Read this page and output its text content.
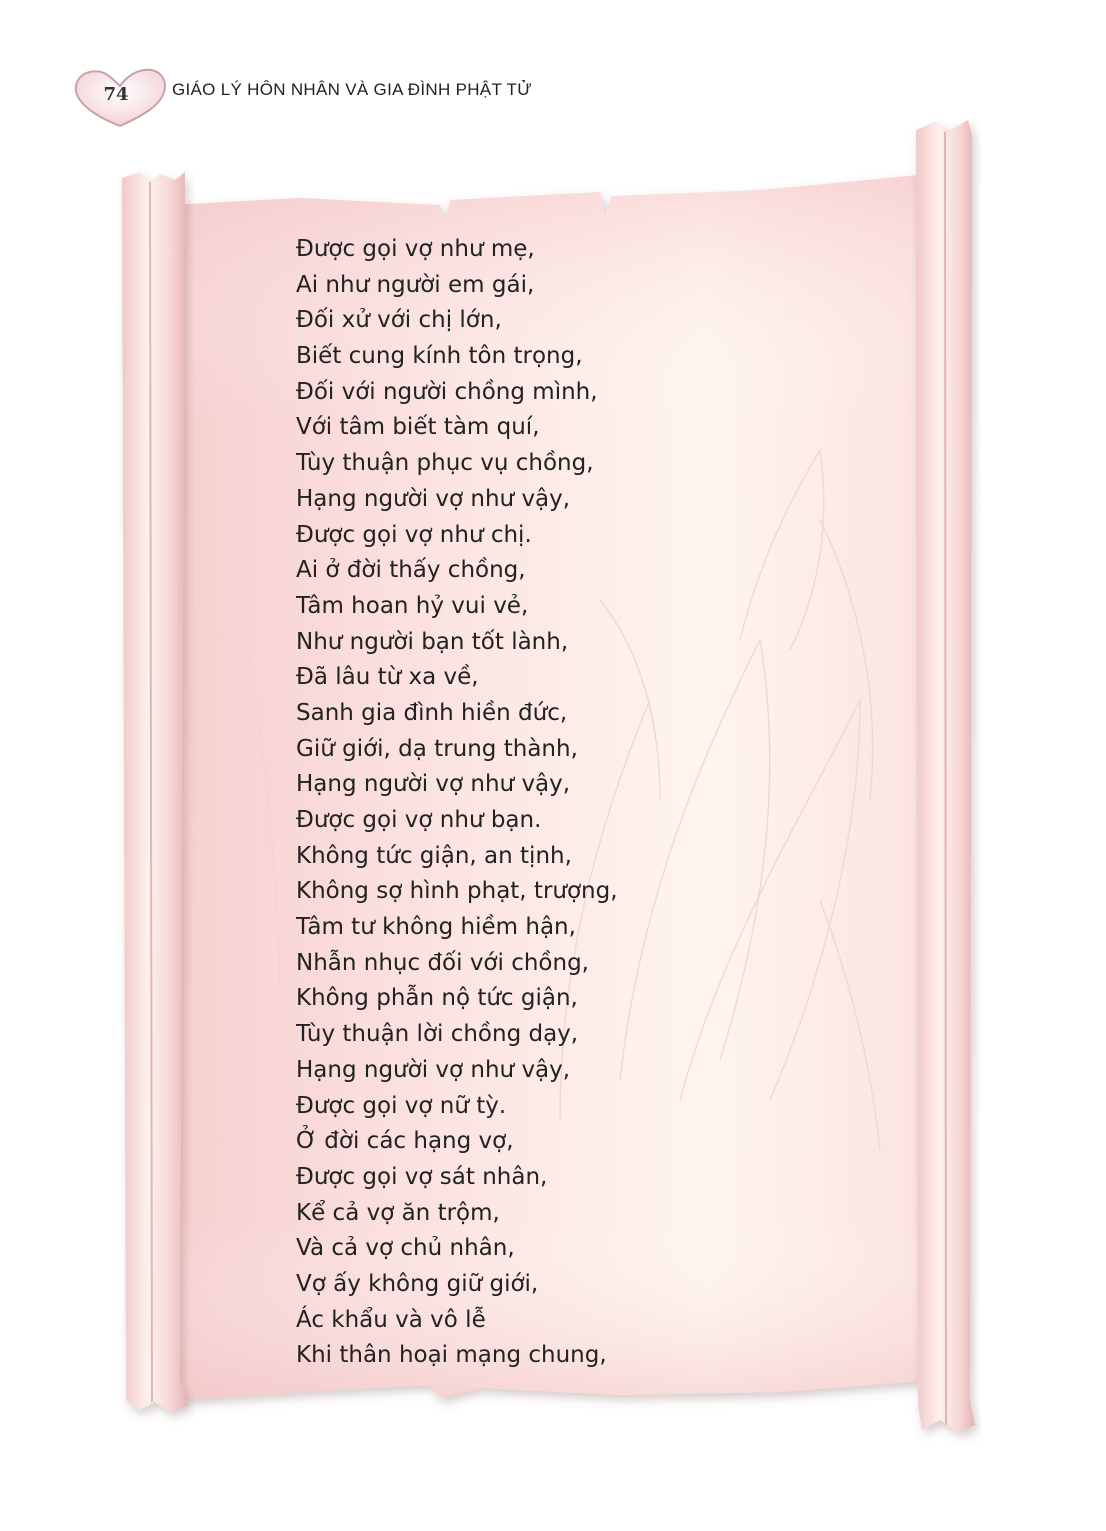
74	GIÁO LÝ HÔN NHÂN VÀ GIA ĐÌNH PHẬT TỬ
Được gọi vợ như mẹ,
Ai như người em gái,
Đối xử với chị lớn,
Biết cung kính tôn trọng,
Đối với người chồng mình,
Với tâm biết tàm quí,
Tùy thuận phục vụ chồng,
Hạng người vợ như vậy,
Được gọi vợ như chị.
Ai ở đời thấy chồng,
Tâm hoan hỷ vui vẻ,
Như người bạn tốt lành,
Đã lâu từ xa về,
Sanh gia đình hiền đức,
Giữ giới, dạ trung thành,
Hạng người vợ như vậy,
Được gọi vợ như bạn.
Không tức giận, an tịnh,
Không sợ hình phạt, trượng,
Tâm tư không hiềm hận,
Nhẫn nhục đối với chồng,
Không phẫn nộ tức giận,
Tùy thuận lời chồng dạy,
Hạng người vợ như vậy,
Được gọi vợ nữ tỳ.
Ở đời các hạng vợ,
Được gọi vợ sát nhân,
Kể cả vợ ăn trộm,
Và cả vợ chủ nhân,
Vợ ấy không giữ giới,
Ác khẩu và vô lễ
Khi thân hoại mạng chung,
